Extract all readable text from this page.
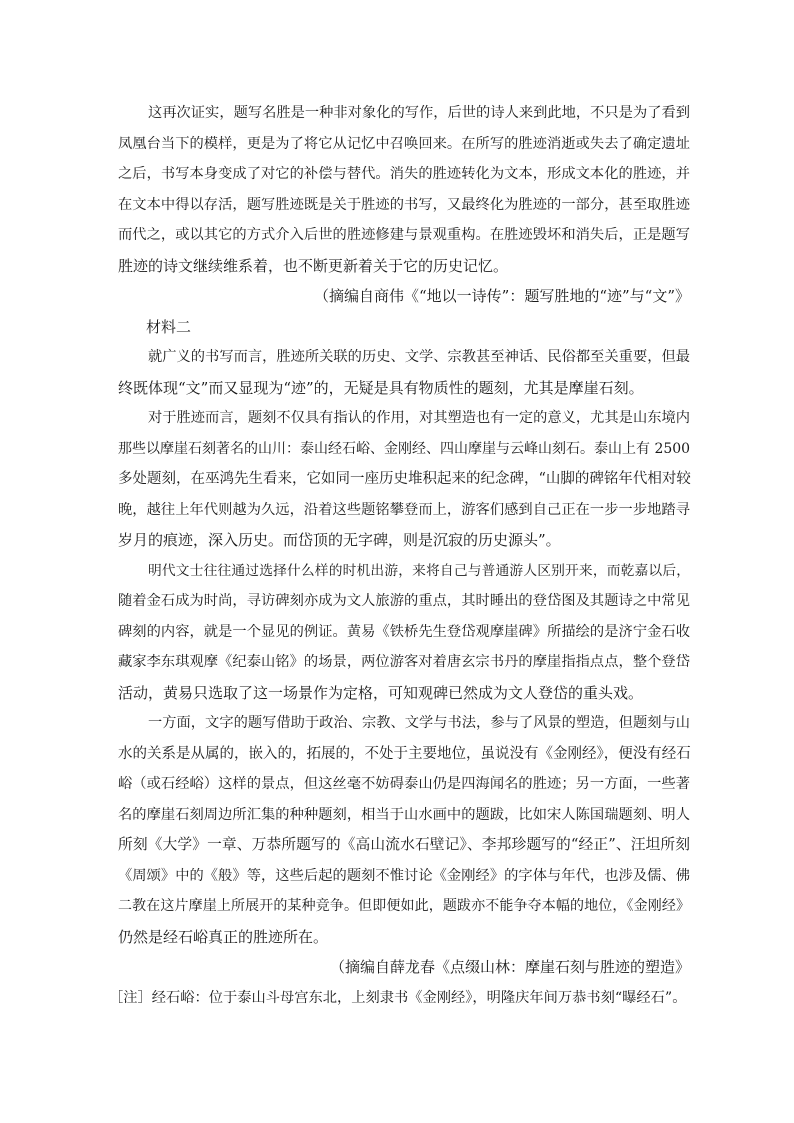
这再次证实，题写名胜是一种非对象化的写作，后世的诗人来到此地，不只是为了看到
凤凰台当下的模样，更是为了将它从记忆中召唤回来。在所写的胜迹消逝或失去了确定遗址
之后，书写本身变成了对它的补偿与替代。消失的胜迹转化为文本，形成文本化的胜迹，并
在文本中得以存活，题写胜迹既是关于胜迹的书写，又最终化为胜迹的一部分，甚至取胜迹
而代之，或以其它的方式介入后世的胜迹修建与景观重构。在胜迹毁坏和消失后，正是题写
胜迹的诗文继续维系着，也不断更新着关于它的历史记忆。
（摘编自商伟《“地以一诗传”：题写胜地的“迹”与“文”》
材料二
就广义的书写而言，胜迹所关联的历史、文学、宗教甚至神话、民俗都至关重要，但最
终既体现“文”而又显现为“迹”的，无疑是具有物质性的题刻，尤其是摩崖石刻。
对于胜迹而言，题刻不仅具有指认的作用，对其塑造也有一定的意义，尤其是山东境内
那些以摩崖石刻著名的山川：泰山经石峪、金刚经、四山摩崖与云峰山刻石。泰山上有 2500
多处题刻，在巫鸿先生看来，它如同一座历史堆积起来的纪念碑，“山脚的碑铭年代相对较
晚，越往上年代则越为久远，沿着这些题铭攀登而上，游客们感到自己正在一步一步地踏寻
岁月的痕迹，深入历史。而岱顶的无字碑，则是沉寂的历史源头”。
明代文士往往通过选择什么样的时机出游，来将自己与普通游人区别开来，而乾嘉以后，
随着金石成为时尚，寻访碑刻亦成为文人旅游的重点，其时睡出的登岱图及其题诗之中常见
碑刻的内容，就是一个显见的例证。黄易《铁桥先生登岱观摩崖碑》所描绘的是济宁金石收
藏家李东琪观摩《纪泰山铭》的场景，两位游客对着唐玄宗书丹的摩崖指指点点，整个登岱
活动，黄易只选取了这一场景作为定格，可知观碑已然成为文人登岱的重头戏。
一方面，文字的题写借助于政治、宗教、文学与书法，参与了风景的塑造，但题刻与山
水的关系是从属的，嵌入的，拓展的，不处于主要地位，虽说没有《金刚经》，便没有经石
峪（或石经峪）这样的景点，但这丝毫不妨碍泰山仍是四海闻名的胜迹；另一方面，一些著
名的摩崖石刻周边所汇集的种种题刻，相当于山水画中的题跋，比如宋人陈国瑞题刻、明人
所刻《大学》一章、万恭所题写的《高山流水石壁记》、李邦珍题写的“经正”、汪坦所刻
《周颂》中的《般》等，这些后起的题刻不惟讨论《金刚经》的字体与年代，也涉及儒、佛
二教在这片摩崖上所展开的某种竞争。但即便如此，题跋亦不能争夺本幅的地位，《金刚经》
仍然是经石峪真正的胜迹所在。
（摘编自薛龙春《点缀山林：摩崖石刻与胜迹的塑造》
［注］经石峪：位于泰山斗母宫东北，上刻隶书《金刚经》，明隆庆年间万恭书刻“曝经石”。
